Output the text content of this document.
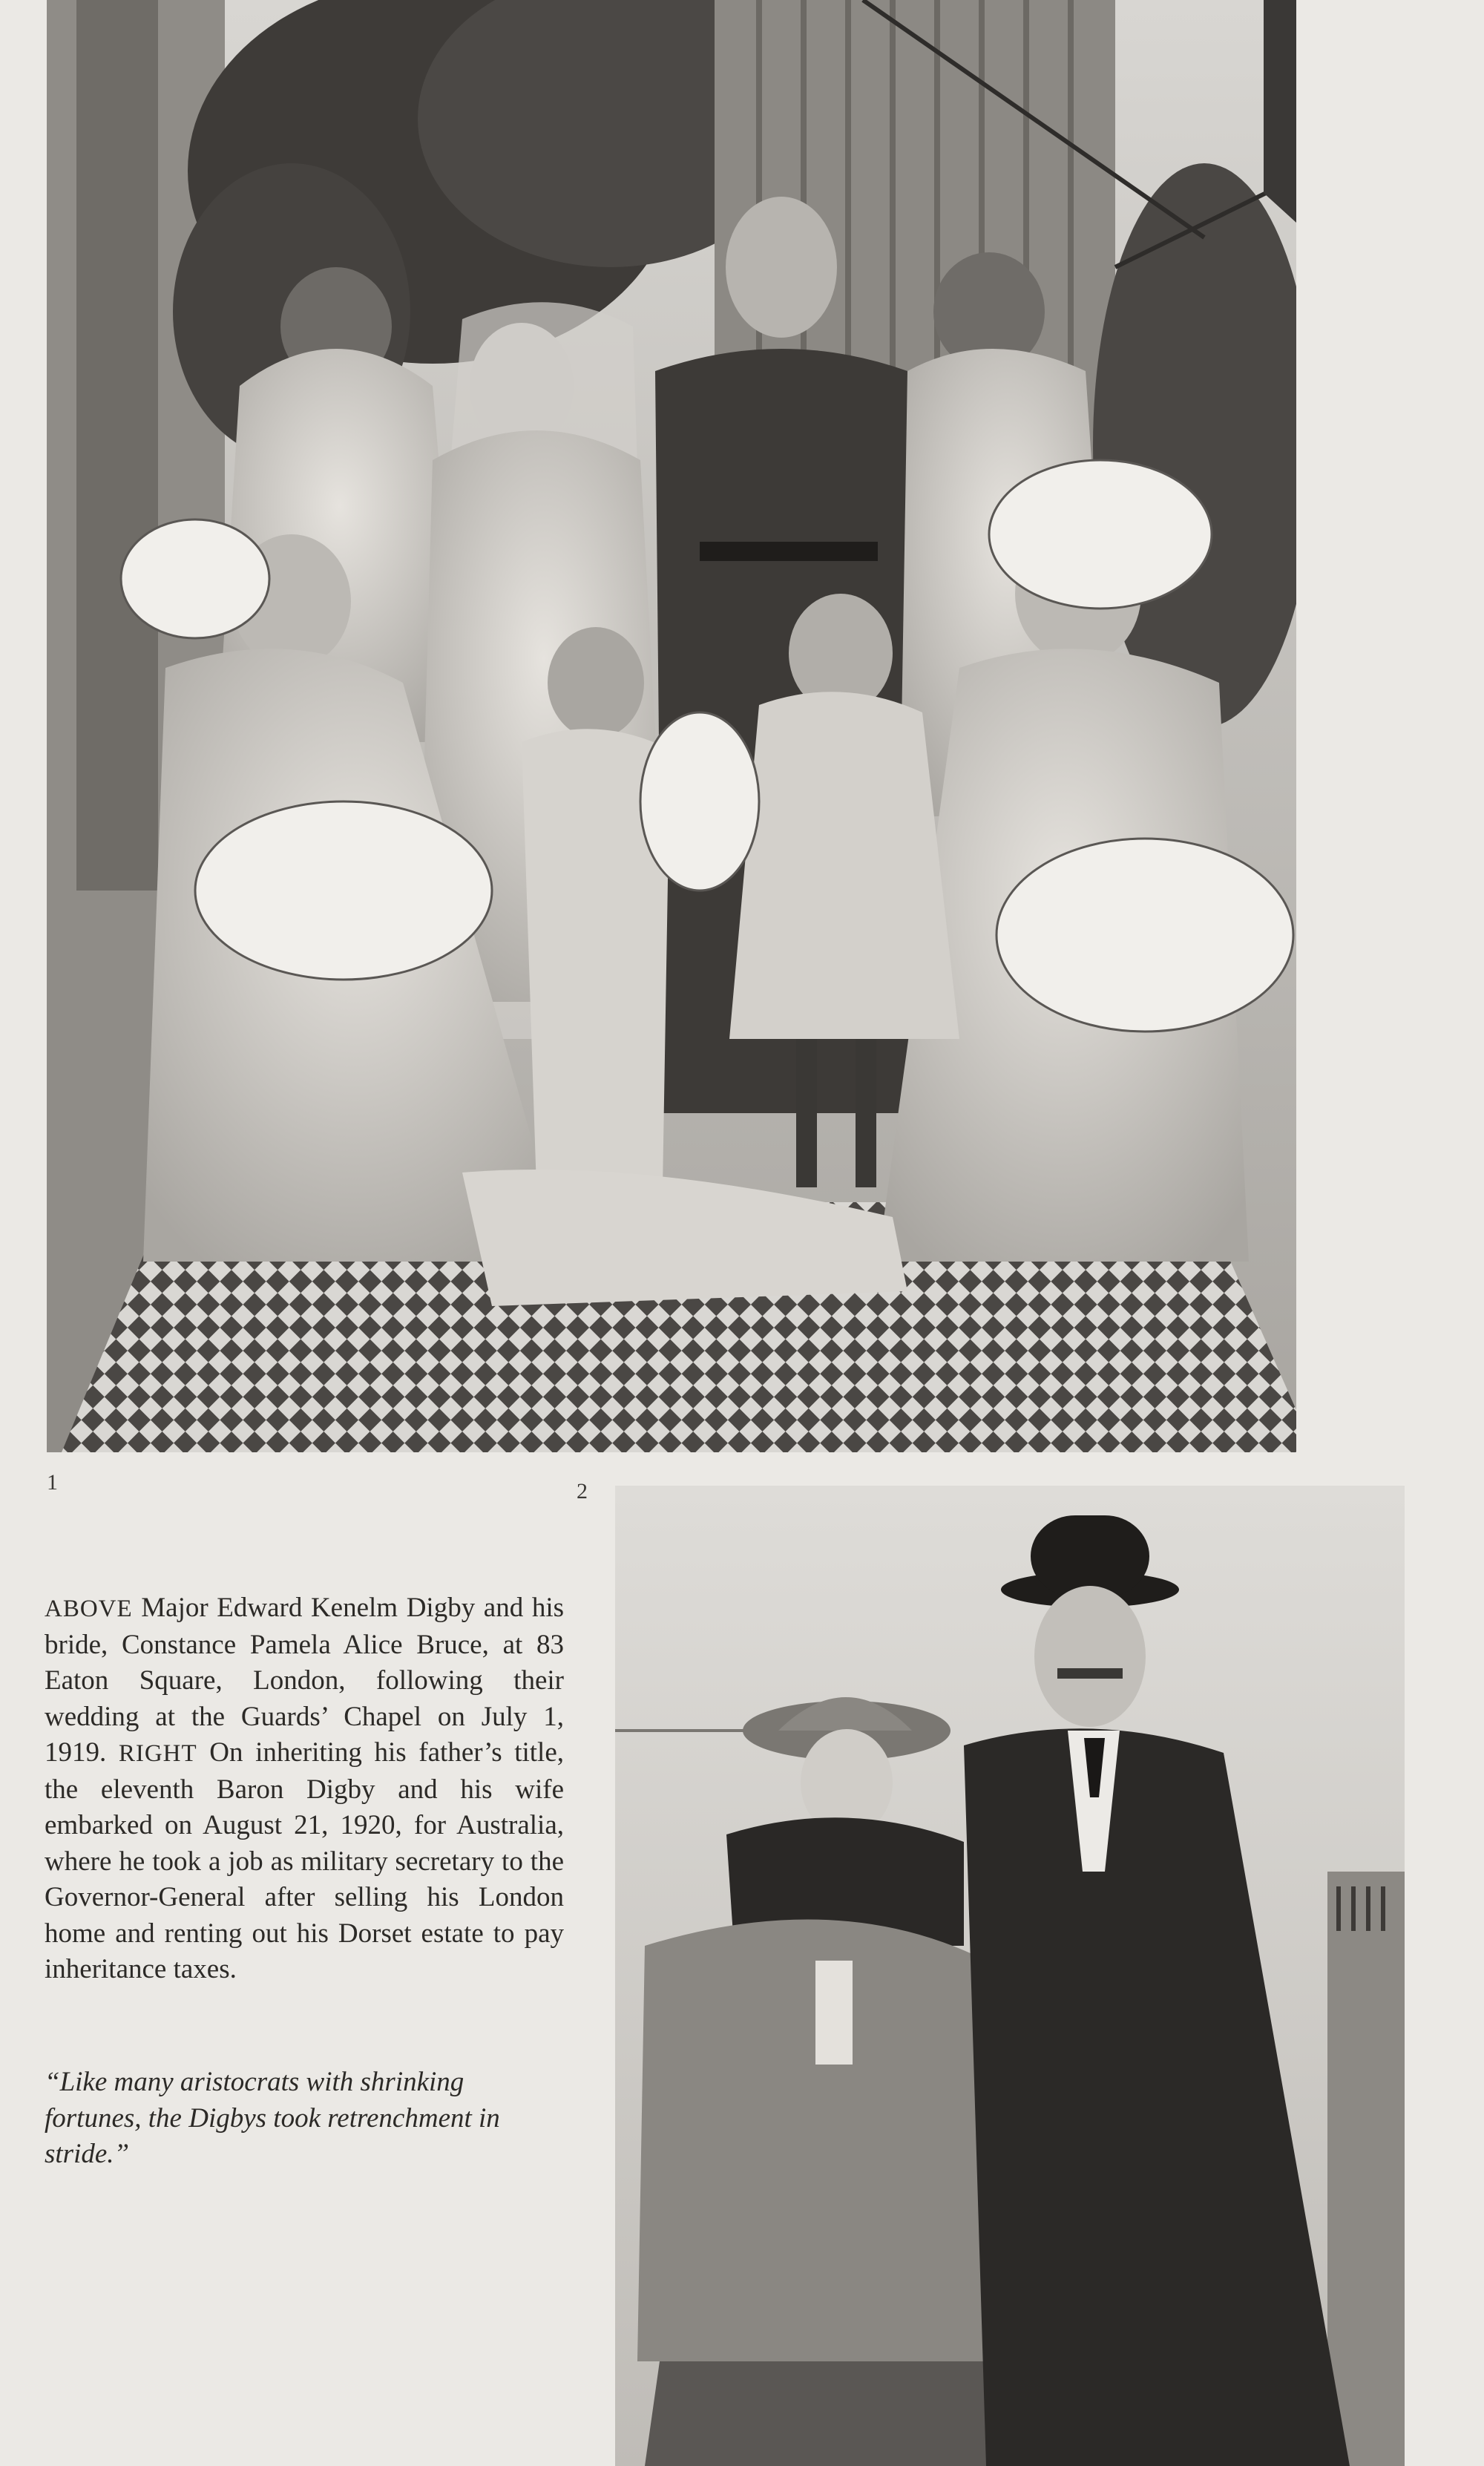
1	2
ABOVE Major Edward Kenelm Digby and his bride, Constance Pamela Alice Bruce, at 83 Eaton Square, London, following their wedding at the Guards’ Chapel on July 1, 1919. RIGHT On inheriting his father’s title, the eleventh Baron Digby and his wife embarked on August 21, 1920, for Australia, where he took a job as military secretary to the Governor-General after selling his London home and renting out his Dorset estate to pay inheritance taxes.
“Like many aristocrats with shrinking fortunes, the Digbys took retrenchment in stride.”
